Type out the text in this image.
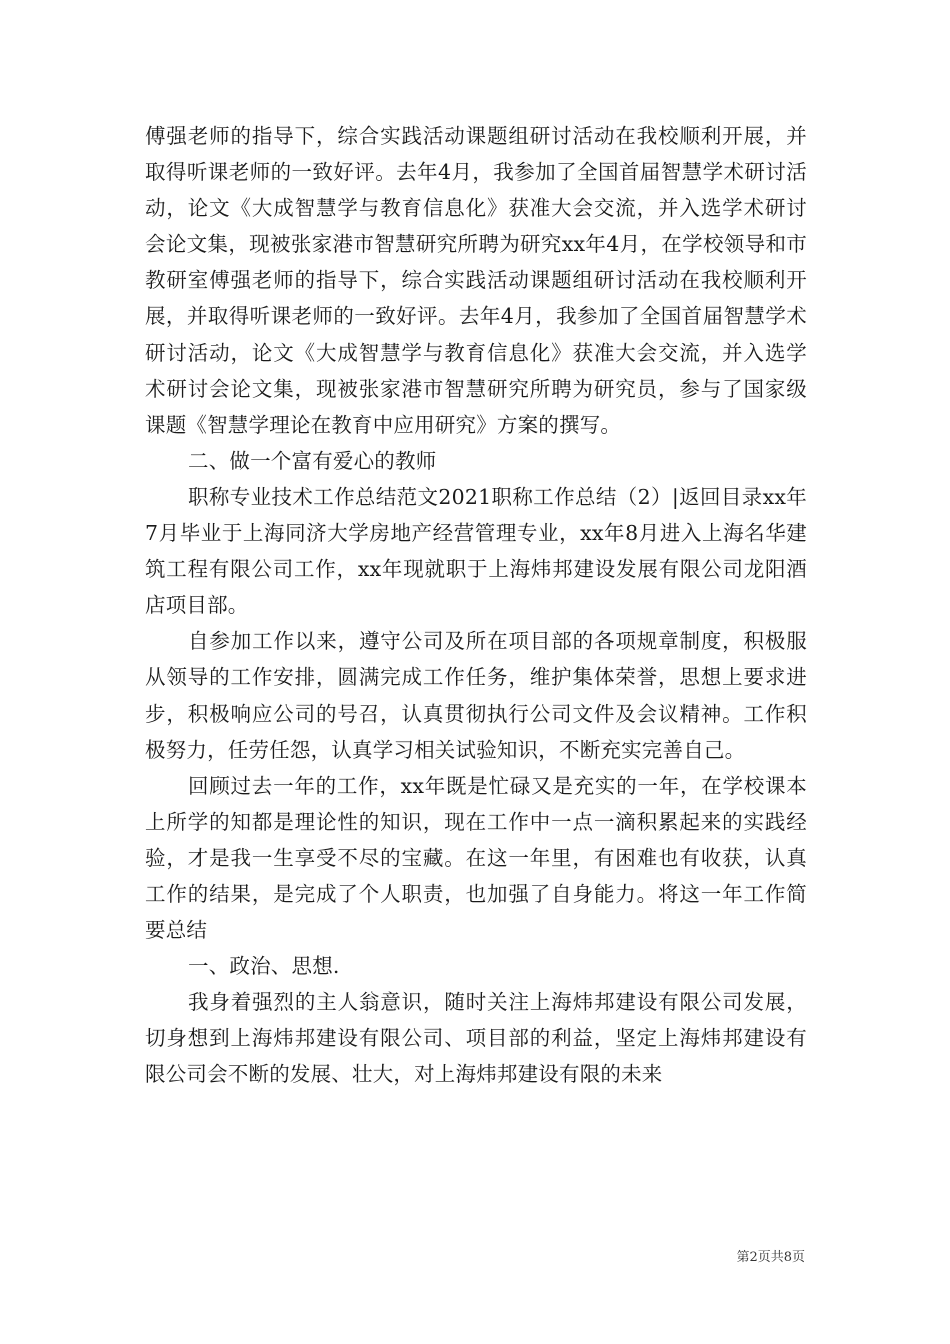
傅强老师的指导下，综合实践活动课题组研讨活动在我校顺利开展，并取得听课老师的一致好评。去年4月，我参加了全国首届智慧学术研讨活动，论文《大成智慧学与教育信息化》获准大会交流，并入选学术研讨会论文集，现被张家港市智慧研究所聘为研究xx年4月，在学校领导和市教研室傅强老师的指导下，综合实践活动课题组研讨活动在我校顺利开展，并取得听课老师的一致好评。去年4月，我参加了全国首届智慧学术研讨活动，论文《大成智慧学与教育信息化》获准大会交流，并入选学术研讨会论文集，现被张家港市智慧研究所聘为研究员，参与了国家级课题《智慧学理论在教育中应用研究》方案的撰写。

二、做一个富有爱心的教师

职称专业技术工作总结范文2021职称工作总结（2）|返回目录xx年7月毕业于上海同济大学房地产经营管理专业，xx年8月进入上海名华建筑工程有限公司工作，xx年现就职于上海炜邦建设发展有限公司龙阳酒店项目部。

自参加工作以来，遵守公司及所在项目部的各项规章制度，积极服从领导的工作安排，圆满完成工作任务，维护集体荣誉，思想上要求进步，积极响应公司的号召，认真贯彻执行公司文件及会议精神。工作积极努力，任劳任怨，认真学习相关试验知识，不断充实完善自己。

回顾过去一年的工作，xx年既是忙碌又是充实的一年，在学校课本上所学的知都是理论性的知识，现在工作中一点一滴积累起来的实践经验，才是我一生享受不尽的宝藏。在这一年里，有困难也有收获，认真工作的结果，是完成了个人职责，也加强了自身能力。将这一年工作简要总结

一、政治、思想.

我身着强烈的主人翁意识，随时关注上海炜邦建设有限公司发展，切身想到上海炜邦建设有限公司、项目部的利益，坚定上海炜邦建设有限公司会不断的发展、壮大，对上海炜邦建设有限的未来

第2页共8页
